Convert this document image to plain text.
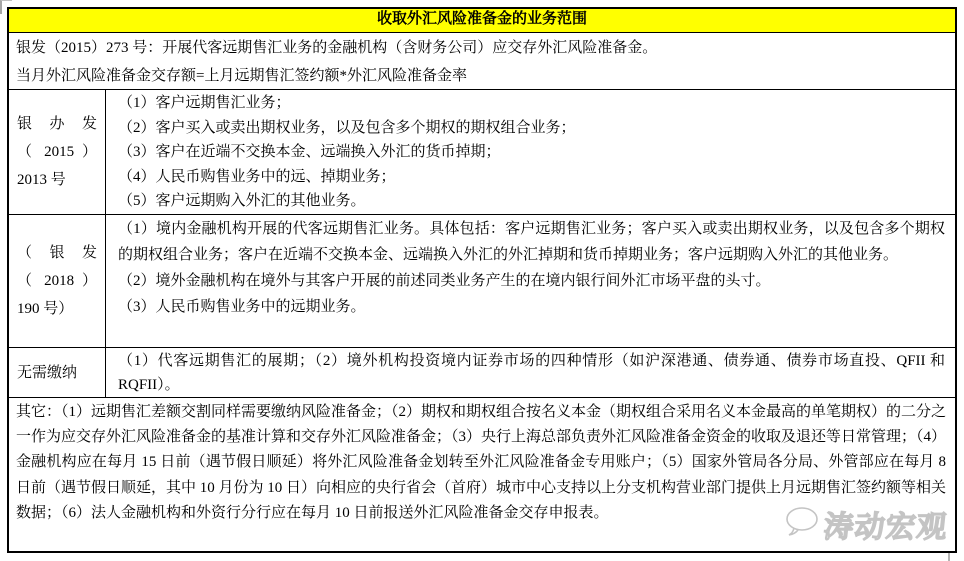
收取外汇风险准备金的业务范围
银发（2015）273 号：开展代客远期售汇业务的金融机构（含财务公司）应交存外汇风险准备金。
当月外汇风险准备金交存额=上月远期售汇签约额*外汇风险准备金率
银 办 发
（ 2015 ）
2013 号

（1）客户远期售汇业务；

（2）客户买入或卖出期权业务，以及包含多个期权的期权组合业务；

（3）客户在近端不交换本金、远端换入外汇的货币掉期；

（4）人民币购售业务中的远、掉期业务；

（5）客户远期购入外汇的其他业务。

（ 银 发
（ 2018 ）
190 号）

（1）境内金融机构开展的代客远期售汇业务。具体包括：客户远期售汇业务；客户买入或卖出期权业务，以及包含多个期权的期权组合业务；客户在近端不交换本金、远端换入外汇的外汇掉期和货币掉期业务；客户远期购入外汇的其他业务。

（2）境外金融机构在境外与其客户开展的前述同类业务产生的在境内银行间外汇市场平盘的头寸。

（3）人民币购售业务中的远期业务。

无需缴纳

（1）代客远期售汇的展期；（2）境外机构投资境内证券市场的四种情形（如沪深港通、债券通、债券市场直投、QFII 和 RQFII）。

其它：（1）远期售汇差额交割同样需要缴纳风险准备金；（2）期权和期权组合按名义本金（期权组合采用名义本金最高的单笔期权）的二分之一作为应交存外汇风险准备金的基准计算和交存外汇风险准备金；（3）央行上海总部负责外汇风险准备金资金的收取及退还等日常管理；（4）金融机构应在每月 15 日前（遇节假日顺延）将外汇风险准备金划转至外汇风险准备金专用账户；（5）国家外管局各分局、外管部应在每月 8 日前（遇节假日顺延，其中 10 月份为 10 日）向相应的央行省会（首府）城市中心支持以上分支机构营业部门提供上月远期售汇签约额等相关数据；（6）法人金融机构和外资行分行应在每月 10 日前报送外汇风险准备金交存申报表。
